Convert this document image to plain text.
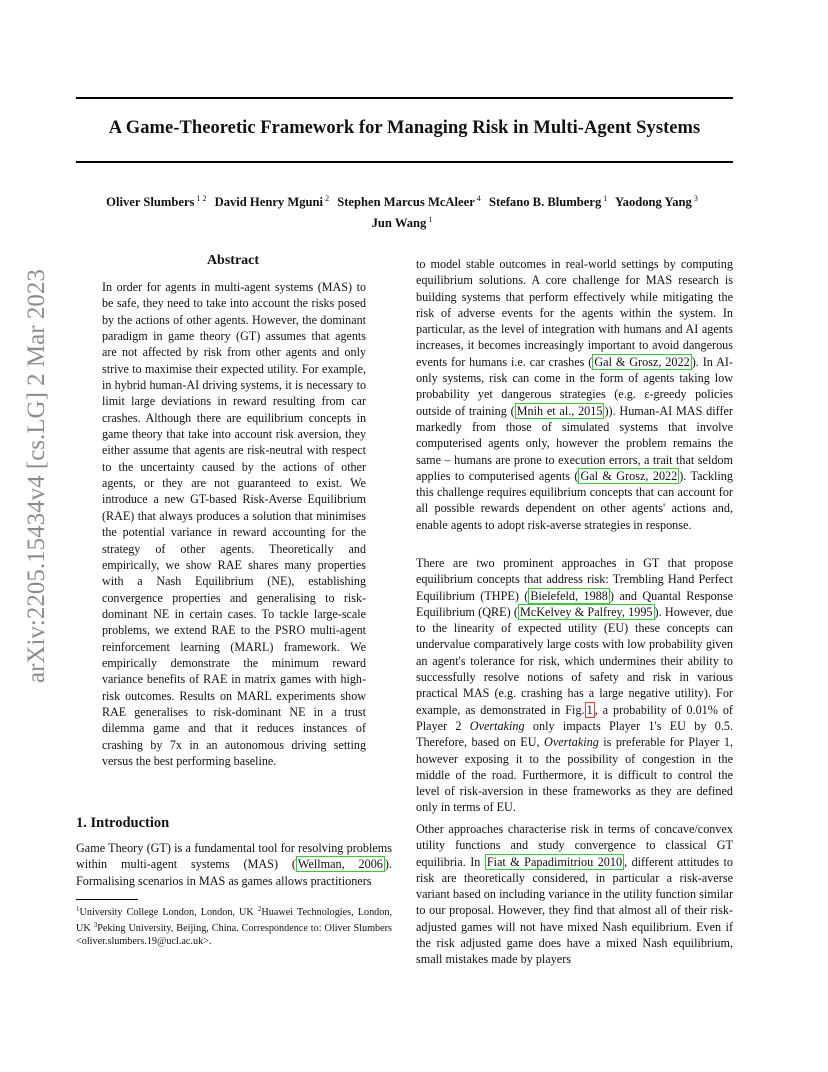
arXiv:2205.15434v4 [cs.LG] 2 Mar 2023
A Game-Theoretic Framework for Managing Risk in Multi-Agent Systems
Oliver Slumbers $^{1 2}$ David Henry Mguni $^2$ Stephen Marcus McAleer $^4$ Stefano B. Blumberg $^1$ Yaodong Yang $^3$
Jun Wang $^1$
Abstract
In order for agents in multi-agent systems (MAS) to be safe, they need to take into account the risks posed by the actions of other agents. However, the dominant paradigm in game theory (GT) assumes that agents are not affected by risk from other agents and only strive to maximise their expected utility. For example, in hybrid human-AI driving systems, it is necessary to limit large deviations in reward resulting from car crashes. Although there are equilibrium concepts in game theory that take into account risk aversion, they either assume that agents are risk-neutral with respect to the uncertainty caused by the actions of other agents, or they are not guaranteed to exist. We introduce a new GT-based Risk-Averse Equilibrium (RAE) that always produces a solution that minimises the potential variance in reward accounting for the strategy of other agents. Theoretically and empirically, we show RAE shares many properties with a Nash Equilibrium (NE), establishing convergence properties and generalising to risk-dominant NE in certain cases. To tackle large-scale problems, we extend RAE to the PSRO multi-agent reinforcement learning (MARL) framework. We empirically demonstrate the minimum reward variance benefits of RAE in matrix games with high-risk outcomes. Results on MARL experiments show RAE generalises to risk-dominant NE in a trust dilemma game and that it reduces instances of crashing by 7x in an autonomous driving setting versus the best performing baseline.
1. Introduction
Game Theory (GT) is a fundamental tool for resolving problems within multi-agent systems (MAS) ( Wellman, 2006 ). Formalising scenarios in MAS as games allows practitioners
$^1$University College London, London, UK $^2$Huawei Technologies, London, UK $^3$Peking University, Beijing, China. Correspondence to: Oliver Slumbers <oliver.slumbers.19@ucl.ac.uk>.

to model stable outcomes in real-world settings by computing equilibrium solutions. A core challenge for MAS research is building systems that perform effectively while mitigating the risk of adverse events for the agents within the system. In particular, as the level of integration with humans and AI agents increases, it becomes increasingly important to avoid dangerous events for humans i.e. car crashes ( Gal & Grosz, 2022 ). In AI-only systems, risk can come in the form of agents taking low probability yet dangerous strategies (e.g. ε-greedy policies outside of training ( Mnih et al., 2015 )). Human-AI MAS differ markedly from those of simulated systems that involve computerised agents only, however the problem remains the same – humans are prone to execution errors, a trait that seldom applies to computerised agents ( Gal & Grosz, 2022 ). Tackling this challenge requires equilibrium concepts that can account for all possible rewards dependent on other agents' actions and, enable agents to adopt risk-averse strategies in response.

There are two prominent approaches in GT that propose equilibrium concepts that address risk: Trembling Hand Perfect Equilibrium (THPE) ( Bielefeld, 1988 ) and Quantal Response Equilibrium (QRE) ( McKelvey & Palfrey, 1995 ). However, due to the linearity of expected utility (EU) these concepts can undervalue comparatively large costs with low probability given an agent's tolerance for risk, which undermines their ability to successfully resolve notions of safety and risk in various practical MAS (e.g. crashing has a large negative utility). For example, as demonstrated in Fig. 1 , a probability of 0.01% of Player 2 Overtaking only impacts Player 1's EU by 0.5. Therefore, based on EU, Overtaking is preferable for Player 1, however exposing it to the possibility of congestion in the middle of the road. Furthermore, it is difficult to control the level of risk-aversion in these frameworks as they are defined only in terms of EU.

Other approaches characterise risk in terms of concave/convex utility functions and study convergence to classical GT equilibria. In Fiat & Papadimitriou 2010 , different attitudes to risk are theoretically considered, in particular a risk-averse variant based on including variance in the utility function similar to our proposal. However, they find that almost all of their risk-adjusted games will not have mixed Nash equilibrium. Even if the risk adjusted game does have a mixed Nash equilibrium, small mistakes made by players
